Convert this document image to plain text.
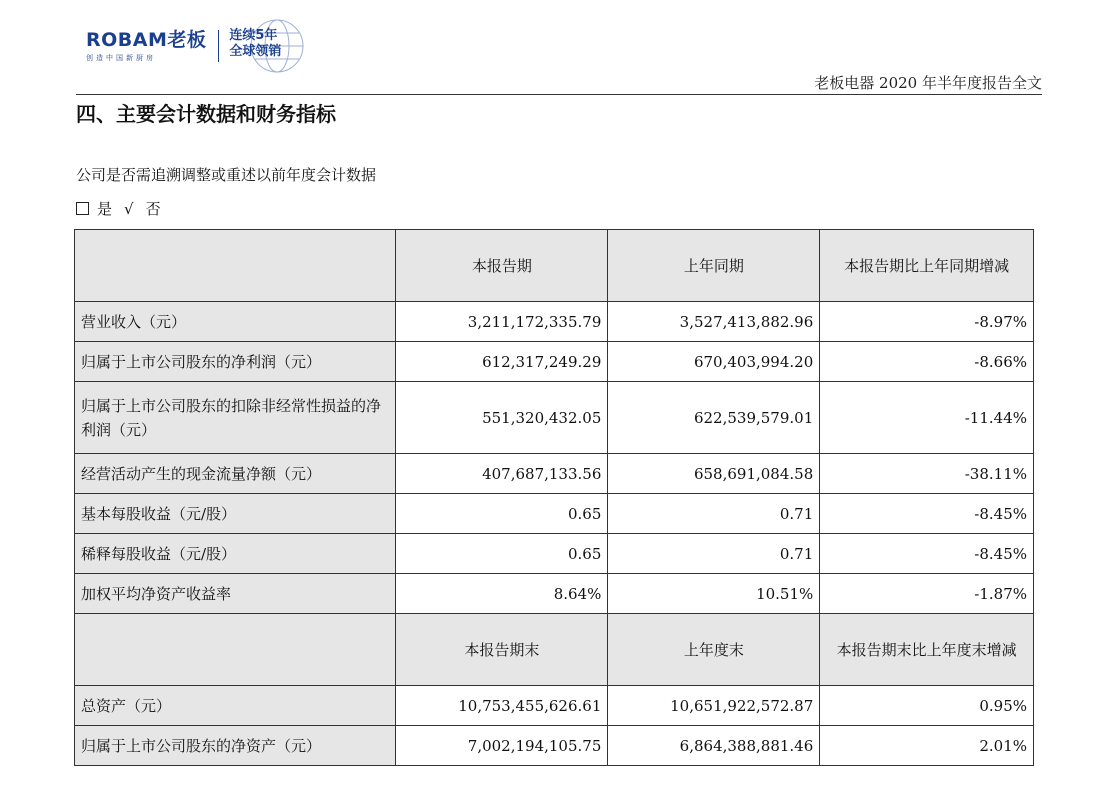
ROBAM老板
创造中国新厨房
连续5年
全球领销
老板电器 2020 年半年度报告全文
四、主要会计数据和财务指标
公司是否需追溯调整或重述以前年度会计数据
是 √ 否
	本报告期	上年同期	本报告期比上年同期增减
营业收入（元）	3,211,172,335.79	3,527,413,882.96	-8.97%
归属于上市公司股东的净利润（元）	612,317,249.29	670,403,994.20	-8.66%
归属于上市公司股东的扣除非经常性损益的净利润（元）	551,320,432.05	622,539,579.01	-11.44%
经营活动产生的现金流量净额（元）	407,687,133.56	658,691,084.58	-38.11%
基本每股收益（元/股）	0.65	0.71	-8.45%
稀释每股收益（元/股）	0.65	0.71	-8.45%
加权平均净资产收益率	8.64%	10.51%	-1.87%
	本报告期末	上年度末	本报告期末比上年度末增减
总资产（元）	10,753,455,626.61	10,651,922,572.87	0.95%
归属于上市公司股东的净资产（元）	7,002,194,105.75	6,864,388,881.46	2.01%
